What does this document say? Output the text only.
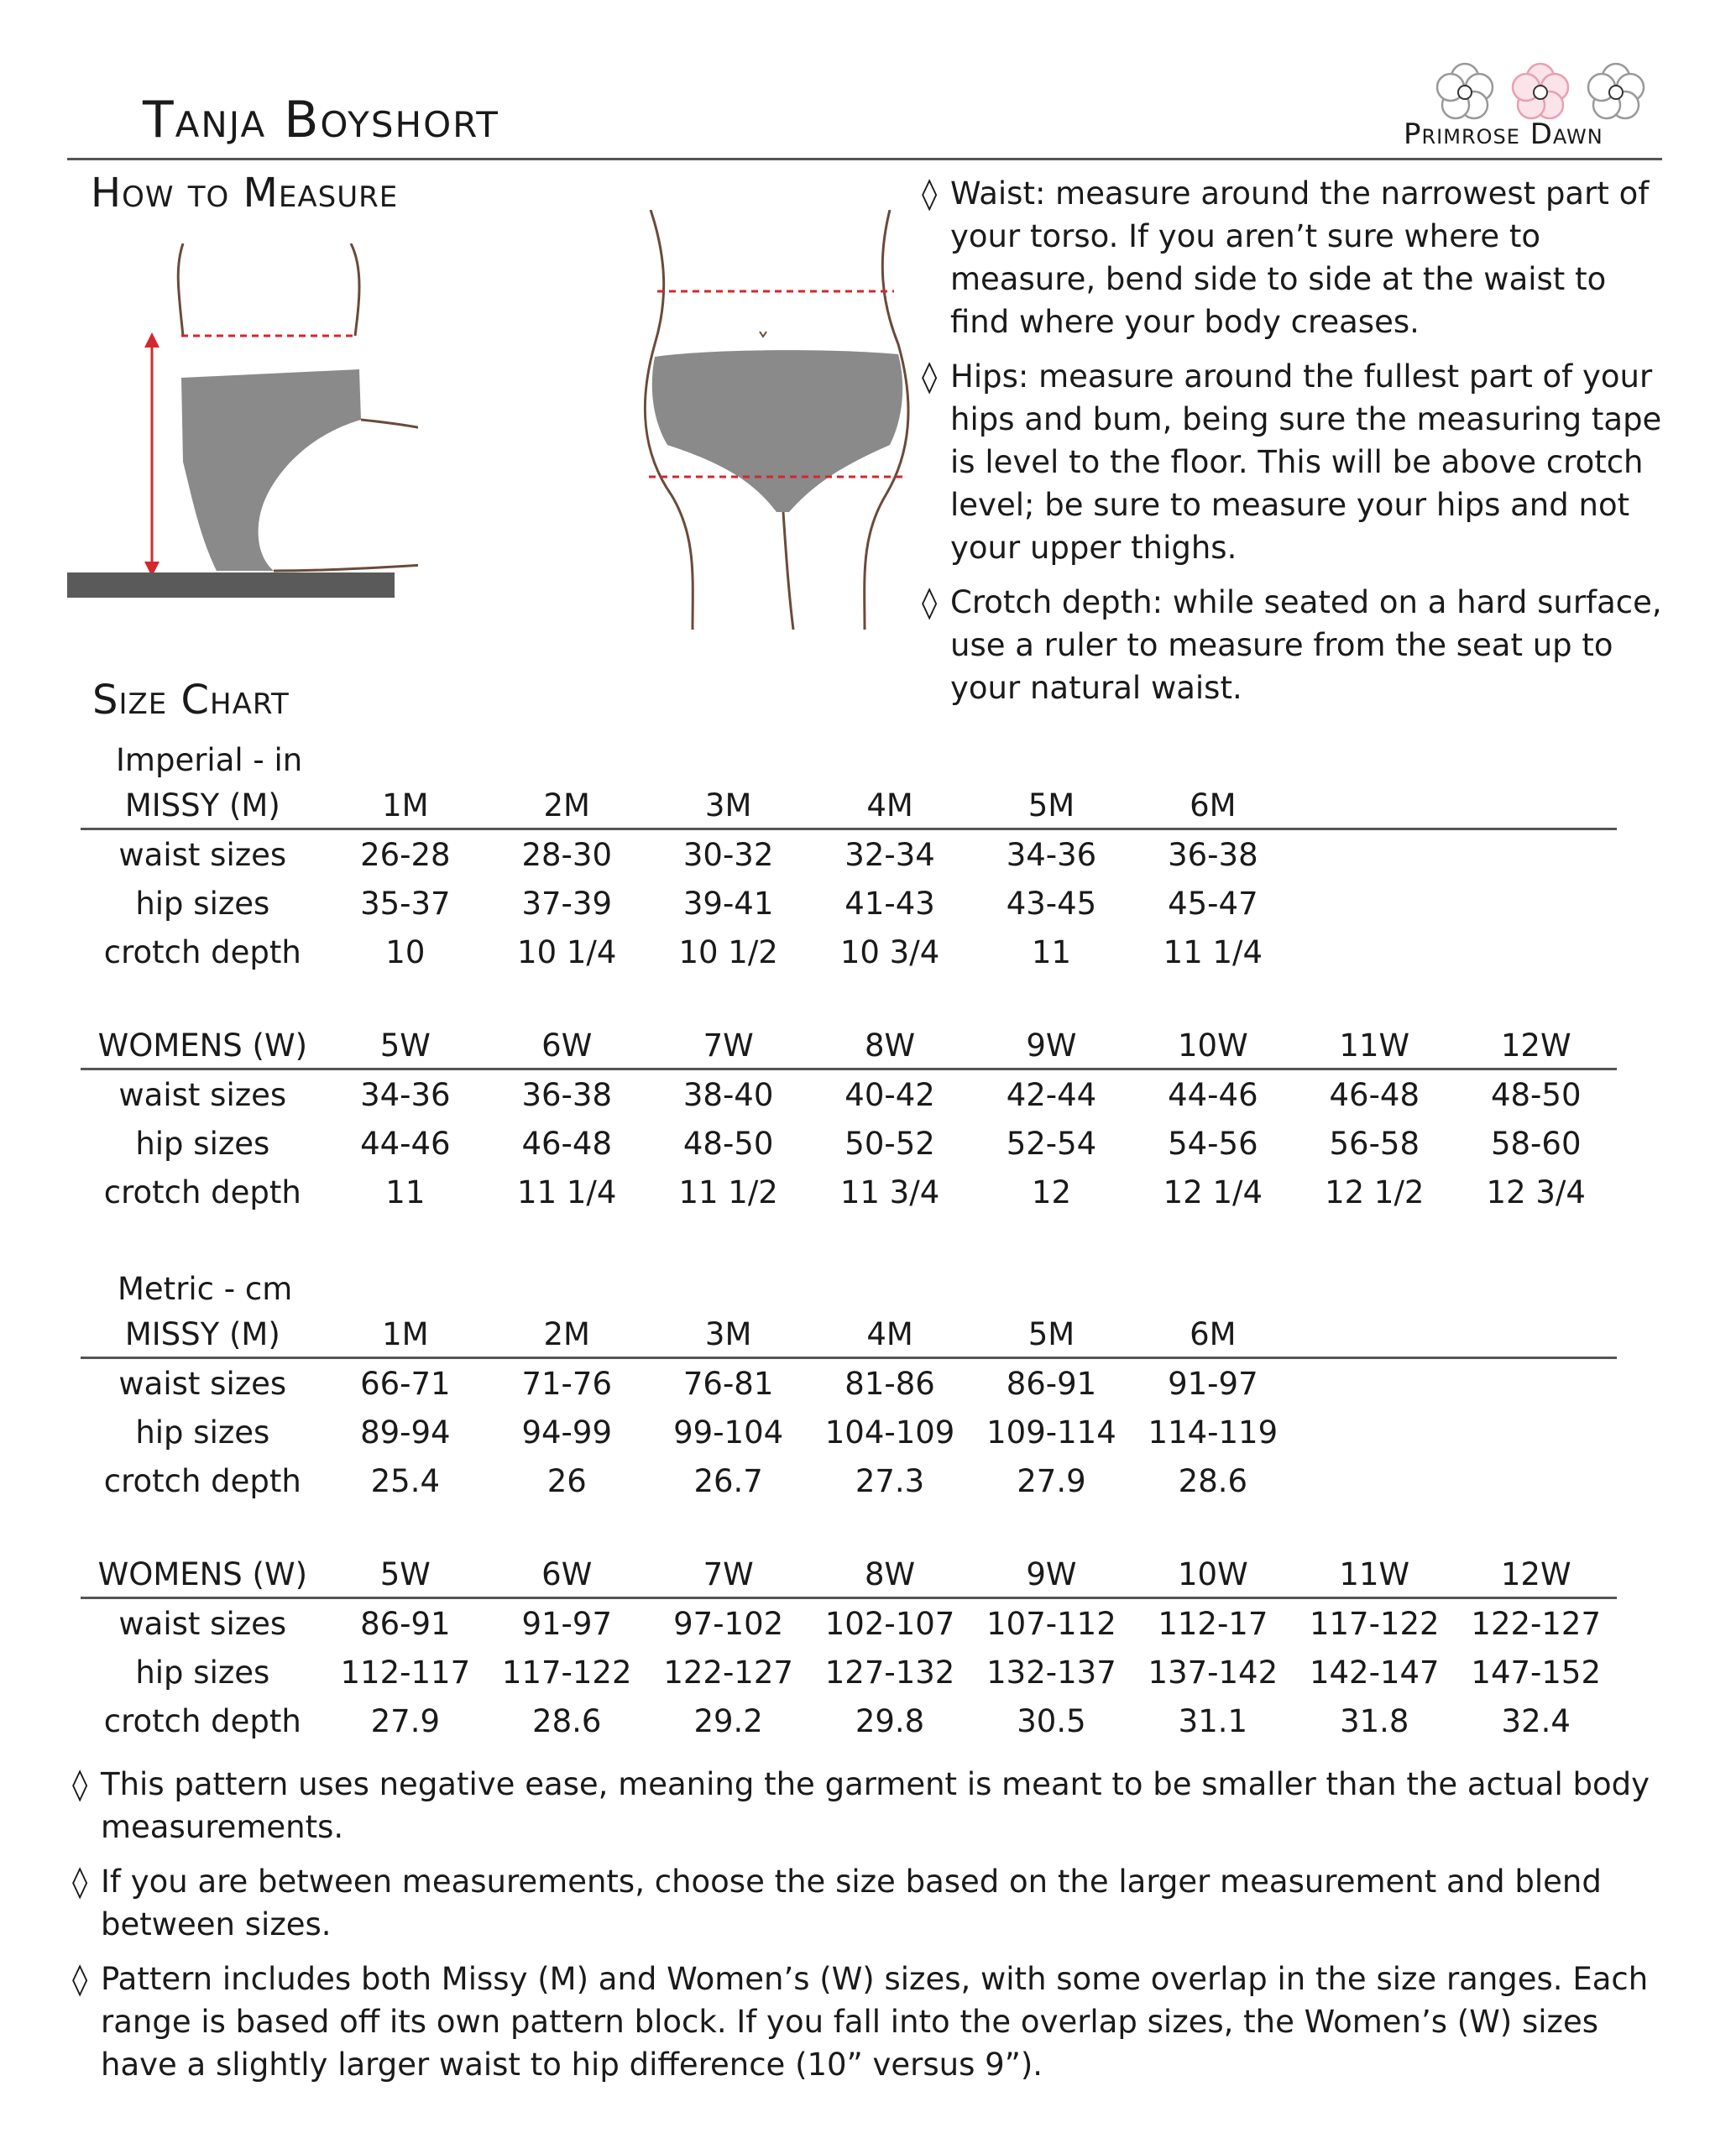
Tanja Boyshort	Primrose Dawn
How to Measure	◊ Waist: measure around the narrowest part of your torso. If you aren’t sure where to measure, bend side to side at the waist to find where your body creases.
◊ Hips: measure around the fullest part of your hips and bum, being sure the measuring tape is level to the floor. This will be above crotch level; be sure to measure your hips and not your upper thighs.
◊ Crotch depth: while seated on a hard surface, use a ruler to measure from the seat up to your natural waist.
Size Chart
Imperial - in
MISSY (M)	1M	2M	3M	4M	5M	6M		
waist sizes	26-28	28-30	30-32	32-34	34-36	36-38		
hip sizes	35-37	37-39	39-41	41-43	43-45	45-47		
crotch depth	10	10 1/4	10 1/2	10 3/4	11	11 1/4		
WOMENS (W)	5W	6W	7W	8W	9W	10W	11W	12W
waist sizes	34-36	36-38	38-40	40-42	42-44	44-46	46-48	48-50
hip sizes	44-46	46-48	48-50	50-52	52-54	54-56	56-58	58-60
crotch depth	11	11 1/4	11 1/2	11 3/4	12	12 1/4	12 1/2	12 3/4
Metric - cm
MISSY (M)	1M	2M	3M	4M	5M	6M		
waist sizes	66-71	71-76	76-81	81-86	86-91	91-97		
hip sizes	89-94	94-99	99-104	104-109	109-114	114-119		
crotch depth	25.4	26	26.7	27.3	27.9	28.6		
WOMENS (W)	5W	6W	7W	8W	9W	10W	11W	12W
waist sizes	86-91	91-97	97-102	102-107	107-112	112-17	117-122	122-127
hip sizes	112-117	117-122	122-127	127-132	132-137	137-142	142-147	147-152
crotch depth	27.9	28.6	29.2	29.8	30.5	31.1	31.8	32.4
◊ This pattern uses negative ease, meaning the garment is meant to be smaller than the actual body measurements.
◊ If you are between measurements, choose the size based on the larger measurement and blend between sizes.
◊ Pattern includes both Missy (M) and Women’s (W) sizes, with some overlap in the size ranges. Each range is based off its own pattern block. If you fall into the overlap sizes, the Women’s (W) sizes have a slightly larger waist to hip difference (10” versus 9”).
